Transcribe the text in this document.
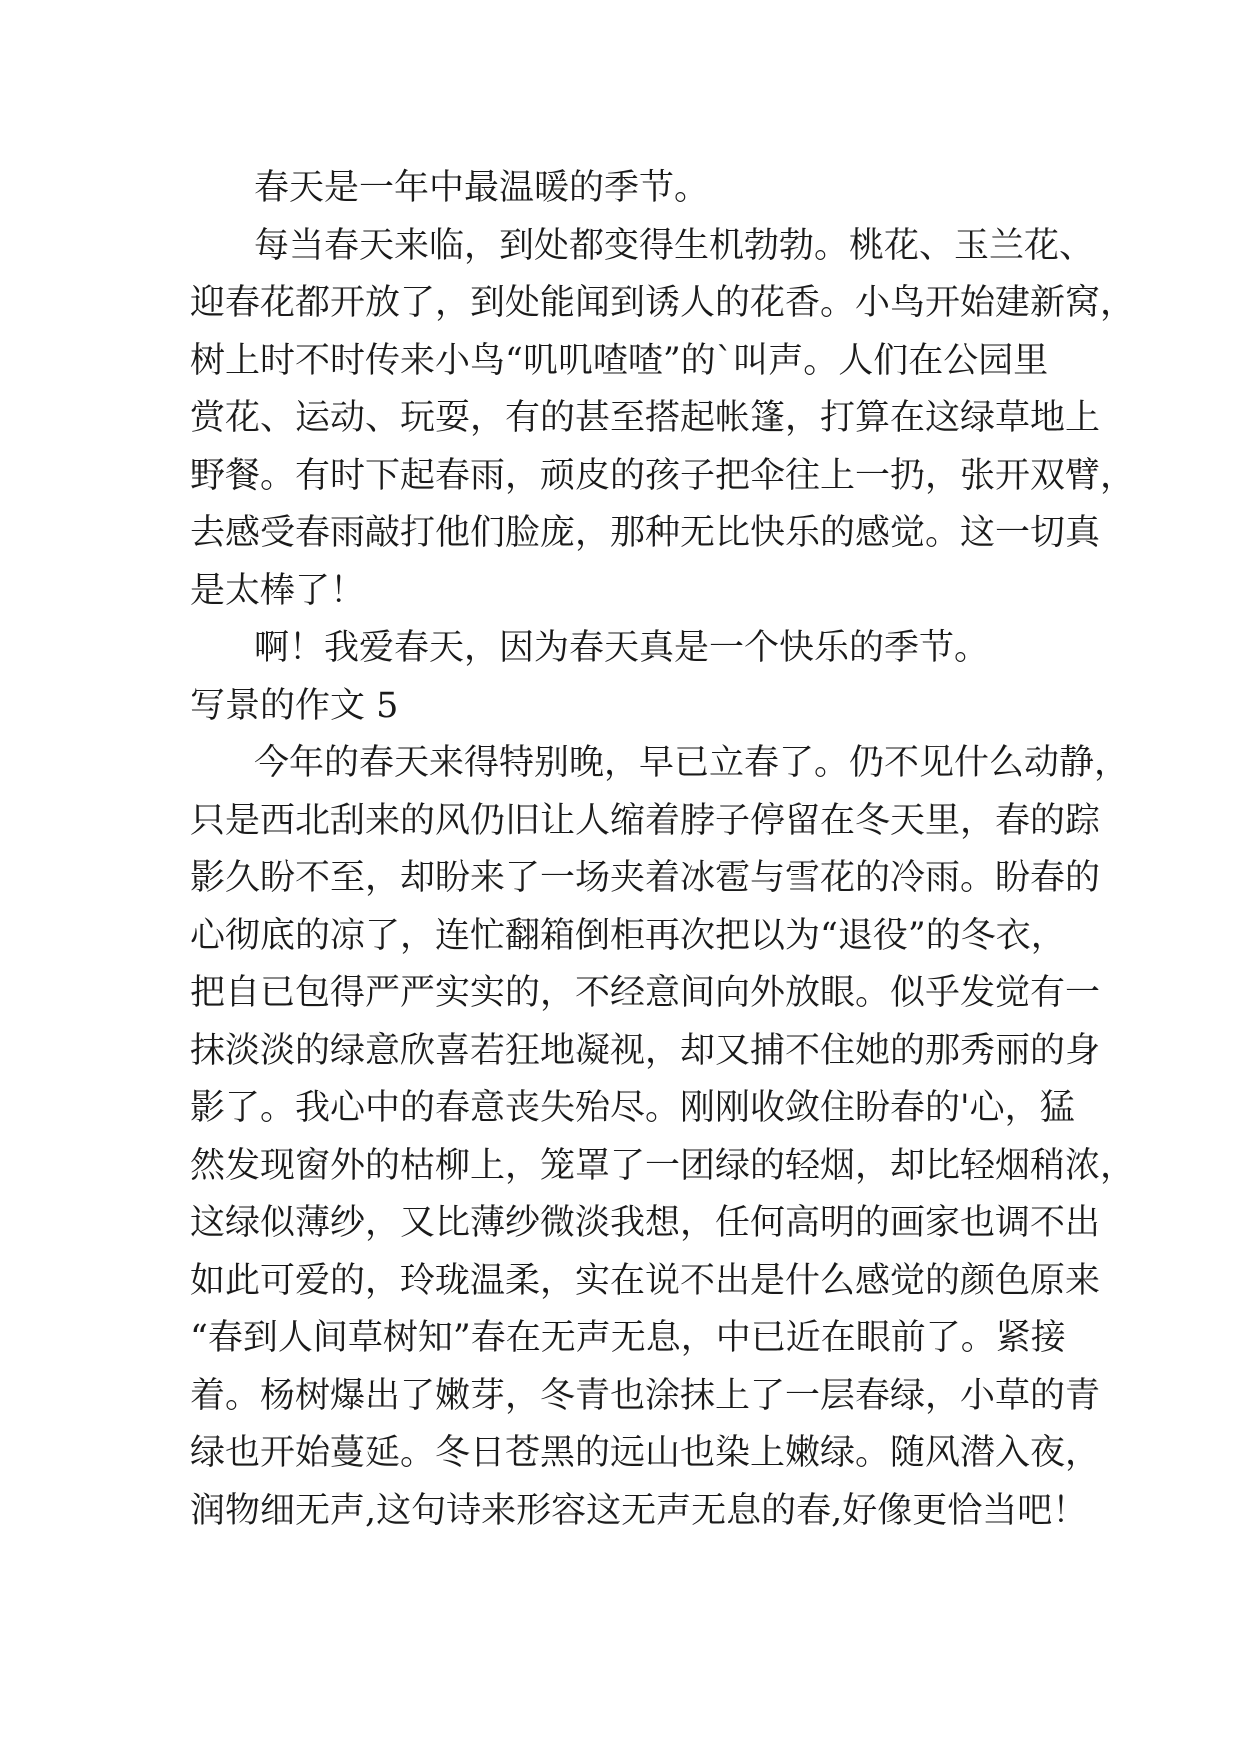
春天是一年中最温暖的季节。
每当春天来临，到处都变得生机勃勃。桃花、玉兰花、
迎春花都开放了，到处能闻到诱人的花香。小鸟开始建新窝，
树上时不时传来小鸟“叽叽喳喳”的`叫声。人们在公园里
赏花、运动、玩耍，有的甚至搭起帐篷，打算在这绿草地上
野餐。有时下起春雨，顽皮的孩子把伞往上一扔，张开双臂，
去感受春雨敲打他们脸庞，那种无比快乐的感觉。这一切真
是太棒了！
啊！我爱春天，因为春天真是一个快乐的季节。
写景的作文 5
今年的春天来得特别晚，早已立春了。仍不见什么动静，
只是西北刮来的风仍旧让人缩着脖子停留在冬天里，春的踪
影久盼不至，却盼来了一场夹着冰雹与雪花的冷雨。盼春的
心彻底的凉了，连忙翻箱倒柜再次把以为“退役”的冬衣，
把自已包得严严实实的，不经意间向外放眼。似乎发觉有一
抹淡淡的绿意欣喜若狂地凝视，却又捕不住她的那秀丽的身
影了。我心中的春意丧失殆尽。刚刚收敛住盼春的'心，猛
然发现窗外的枯柳上，笼罩了一团绿的轻烟，却比轻烟稍浓，
这绿似薄纱，又比薄纱微淡我想，任何高明的画家也调不出
如此可爱的，玲珑温柔，实在说不出是什么感觉的颜色原来
“春到人间草树知”春在无声无息，中已近在眼前了。紧接
着。杨树爆出了嫩芽，冬青也涂抹上了一层春绿，小草的青
绿也开始蔓延。冬日苍黑的远山也染上嫩绿。随风潜入夜，
润物细无声,这句诗来形容这无声无息的春,好像更恰当吧！
